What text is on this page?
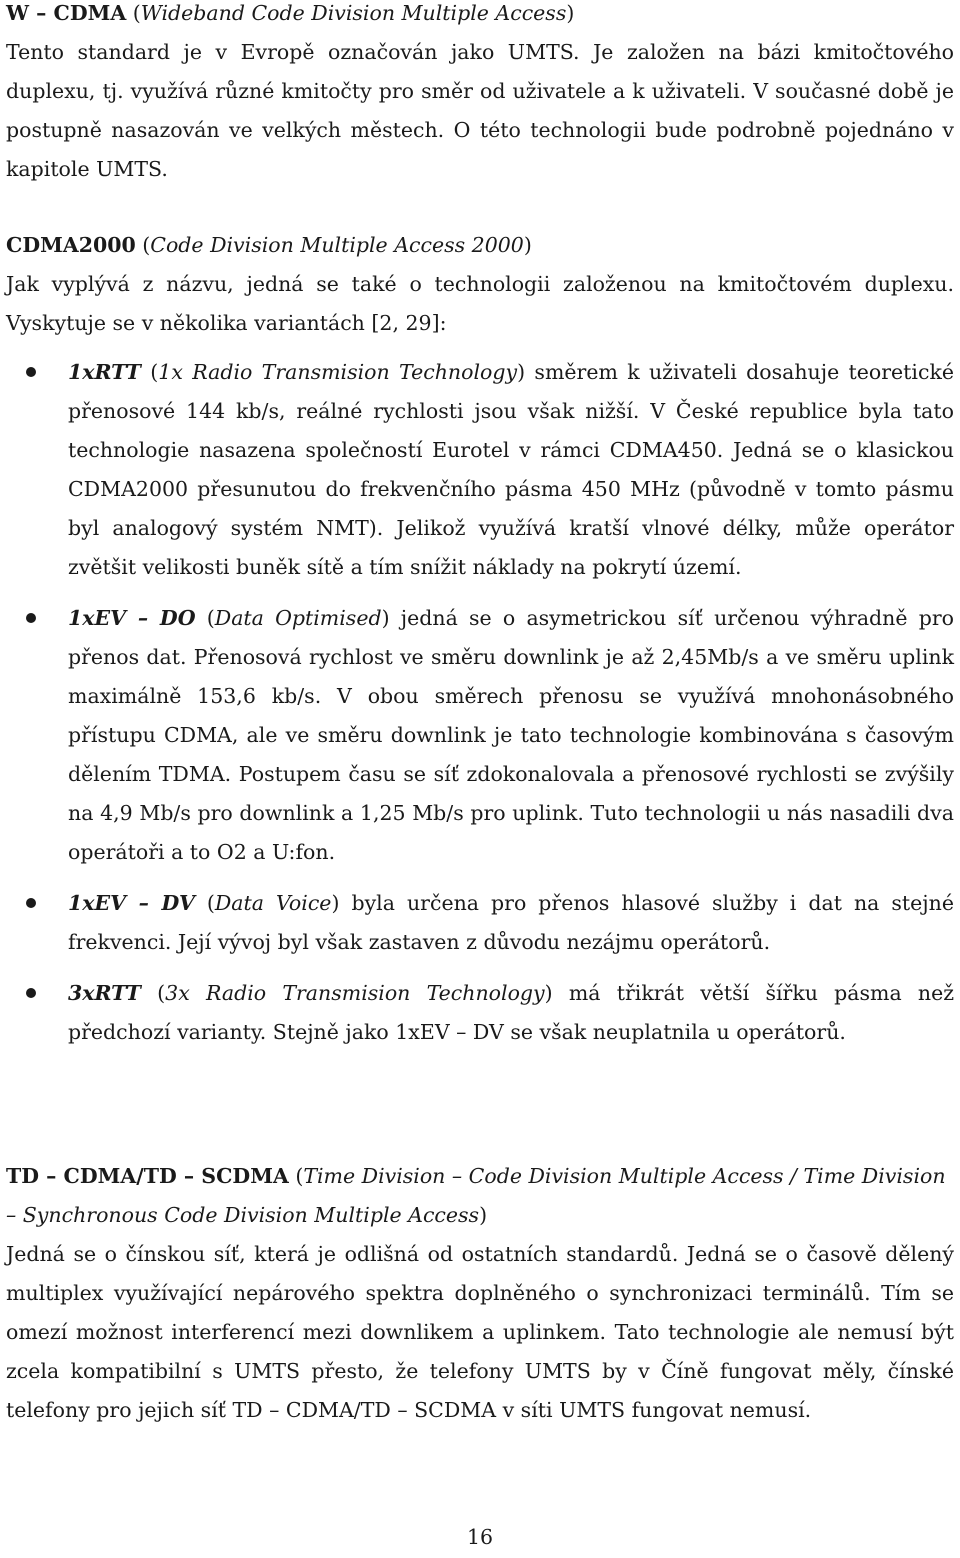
W – CDMA (Wideband Code Division Multiple Access)

Tento standard je v Evropě označován jako UMTS. Je založen na bázi kmitočtového duplexu, tj. využívá různé kmitočty pro směr od uživatele a k uživateli. V současné době je postupně nasazován ve velkých městech. O této technologii bude podrobně pojednáno v kapitole UMTS.

CDMA2000 (Code Division Multiple Access 2000)

Jak vyplývá z názvu, jedná se také o technologii založenou na kmitočtovém duplexu. Vyskytuje se v několika variantách [2, 29]:

1xRTT (1x Radio Transmision Technology) směrem k uživateli dosahuje teoretické přenosové 144 kb/s, reálné rychlosti jsou však nižší. V České republice byla tato technologie nasazena společností Eurotel v rámci CDMA450. Jedná se o klasickou CDMA2000 přesunutou do frekvenčního pásma 450 MHz (původně v tomto pásmu byl analogový systém NMT). Jelikož využívá kratší vlnové délky, může operátor zvětšit velikosti buněk sítě a tím snížit náklady na pokrytí území.
1xEV – DO (Data Optimised) jedná se o asymetrickou síť určenou výhradně pro přenos dat. Přenosová rychlost ve směru downlink je až 2,45Mb/s a ve směru uplink maximálně 153,6 kb/s. V obou směrech přenosu se využívá mnohonásobného přístupu CDMA, ale ve směru downlink je tato technologie kombinována s časovým dělením TDMA. Postupem času se síť zdokonalovala a přenosové rychlosti se zvýšily na 4,9 Mb/s pro downlink a 1,25 Mb/s pro uplink. Tuto technologii u nás nasadili dva operátoři a to O2 a U:fon.
1xEV – DV (Data Voice) byla určena pro přenos hlasové služby i dat na stejné frekvenci. Její vývoj byl však zastaven z důvodu nezájmu operátorů.
3xRTT (3x Radio Transmision Technology) má třikrát větší šířku pásma než předchozí varianty. Stejně jako 1xEV – DV se však neuplatnila u operátorů.

TD – CDMA/TD – SCDMA (Time Division – Code Division Multiple Access / Time Division – Synchronous Code Division Multiple Access)

Jedná se o čínskou síť, která je odlišná od ostatních standardů. Jedná se o časově dělený multiplex využívající nepárového spektra doplněného o synchronizaci terminálů. Tím se omezí možnost interferencí mezi downlikem a uplinkem. Tato technologie ale nemusí být zcela kompatibilní s UMTS přesto, že telefony UMTS by v Číně fungovat měly, čínské telefony pro jejich síť TD – CDMA/TD – SCDMA v síti UMTS fungovat nemusí.

16
